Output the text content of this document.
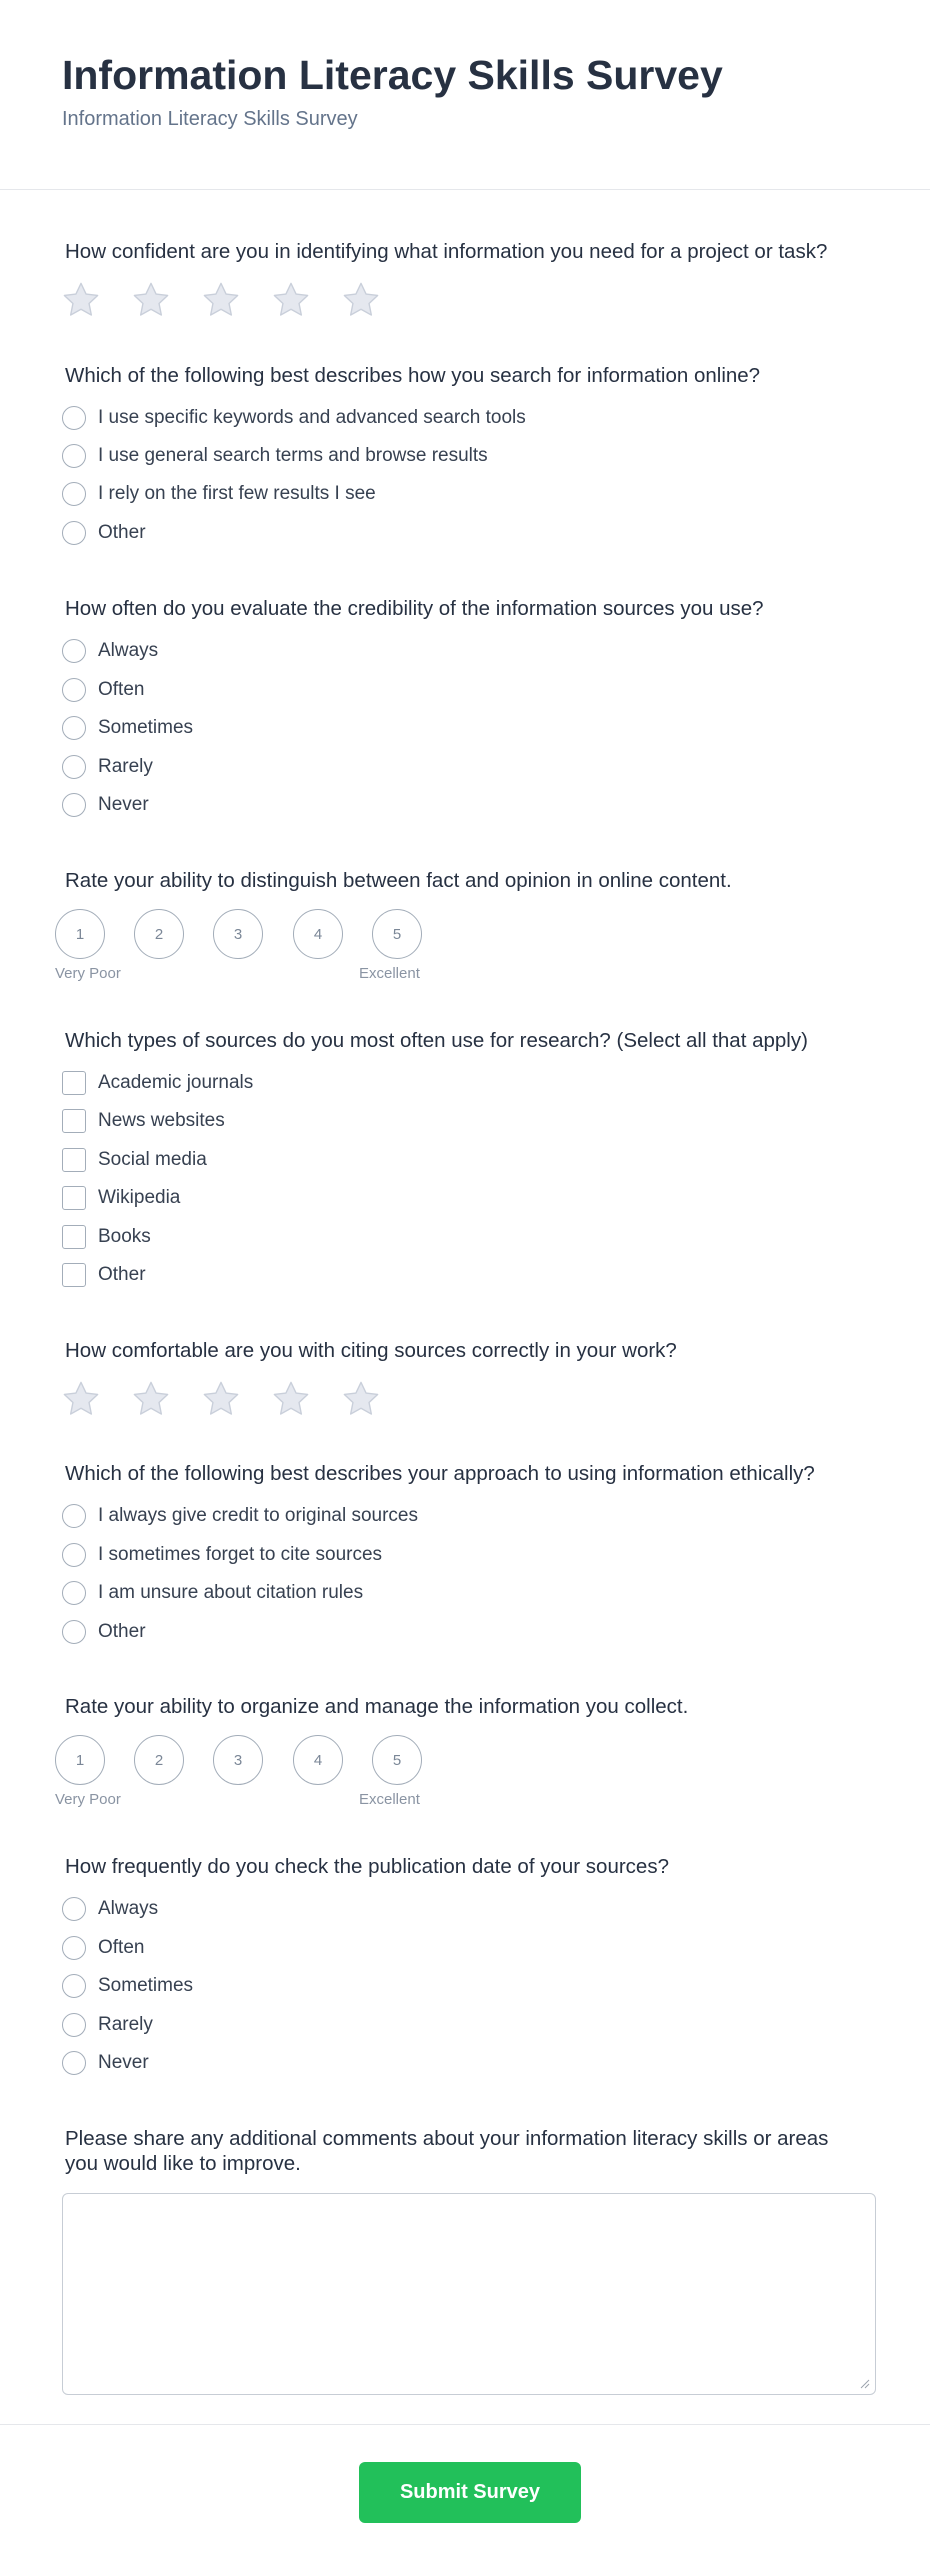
Information Literacy Skills Survey
Information Literacy Skills Survey
How confident are you in identifying what information you need for a project or task?
Which of the following best describes how you search for information online?
I use specific keywords and advanced search tools
I use general search terms and browse results
I rely on the first few results I see
Other
How often do you evaluate the credibility of the information sources you use?
Always
Often
Sometimes
Rarely
Never
Rate your ability to distinguish between fact and opinion in online content.
1	2	3	4	5
Very Poor	Excellent
Which types of sources do you most often use for research? (Select all that apply)
Academic journals
News websites
Social media
Wikipedia
Books
Other
How comfortable are you with citing sources correctly in your work?
Which of the following best describes your approach to using information ethically?
I always give credit to original sources
I sometimes forget to cite sources
I am unsure about citation rules
Other
Rate your ability to organize and manage the information you collect.
1	2	3	4	5
Very Poor	Excellent
How frequently do you check the publication date of your sources?
Always
Often
Sometimes
Rarely
Never
Please share any additional comments about your information literacy skills or areas
you would like to improve.
Submit Survey
